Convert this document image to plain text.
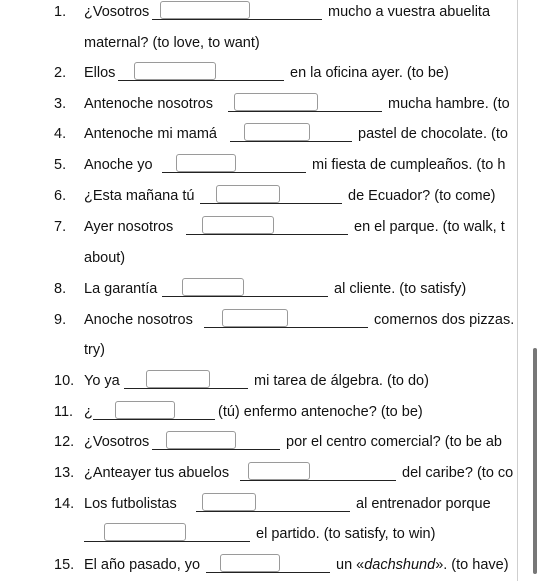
1.	¿Vosotros	mucho a vuestra abuelita
maternal? (to love, to want)
2.	Ellos	en la oficina ayer. (to be)
3.	Antenoche nosotros	mucha hambre. (to
4.	Antenoche mi mamá	pastel de chocolate. (to
5.	Anoche yo	mi fiesta de cumpleaños. (to h
6.	¿Esta mañana tú	de Ecuador? (to come)
7.	Ayer nosotros	en el parque. (to walk, t
about)
8.	La garantía	al cliente. (to satisfy)
9.	Anoche nosotros	comernos dos pizzas.
try)
10. Yo ya	mi tarea de álgebra. (to do)
11. ¿	(tú) enfermo antenoche? (to be)
12. ¿Vosotros	por el centro comercial? (to be ab
13. ¿Anteayer tus abuelos	del caribe? (to co
14. Los futbolistas	al entrenador porque
el partido. (to satisfy, to win)
15. El año pasado, yo	un «dachshund». (to have)
